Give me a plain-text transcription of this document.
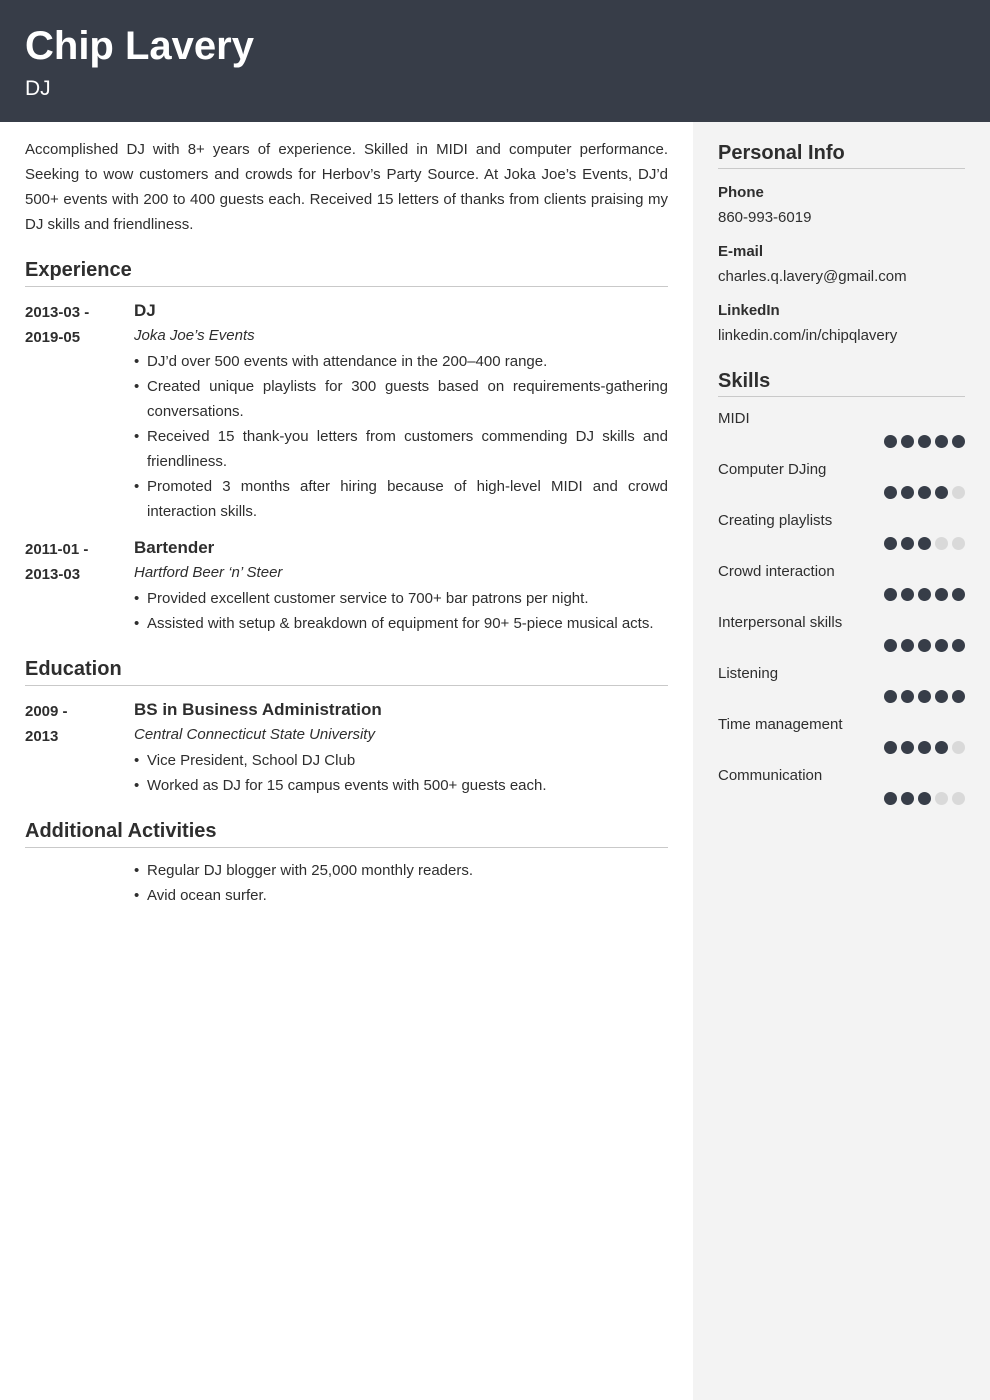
Chip Lavery
DJ

Accomplished DJ with 8+ years of experience. Skilled in MIDI and computer performance. Seeking to wow customers and crowds for Herbov’s Party Source. At Joka Joe’s Events, DJ’d 500+ events with 200 to 400 guests each. Received 15 letters of thanks from clients praising my DJ skills and friendliness.

Experience
2013-03 -
2019-05
DJ
Joka Joe’s Events
• DJ’d over 500 events with attendance in the 200–400 range.
• Created unique playlists for 300 guests based on requirements-gathering conversations.
• Received 15 thank-you letters from customers commending DJ skills and friendliness.
• Promoted 3 months after hiring because of high-level MIDI and crowd interaction skills.
2011-01 -
2013-03
Bartender
Hartford Beer ‘n’ Steer
• Provided excellent customer service to 700+ bar patrons per night.
• Assisted with setup & breakdown of equipment for 90+ 5-piece musical acts.
Education
2009 -
2013
BS in Business Administration
Central Connecticut State University
• Vice President, School DJ Club
• Worked as DJ for 15 campus events with 500+ guests each.
Additional Activities
• Regular DJ blogger with 25,000 monthly readers.
• Avid ocean surfer.
Personal Info
Phone
860-993-6019
E-mail
charles.q.lavery@gmail.com
LinkedIn
linkedin.com/in/chipqlavery
Skills
MIDI
Computer DJing
Creating playlists
Crowd interaction
Interpersonal skills
Listening
Time management
Communication
